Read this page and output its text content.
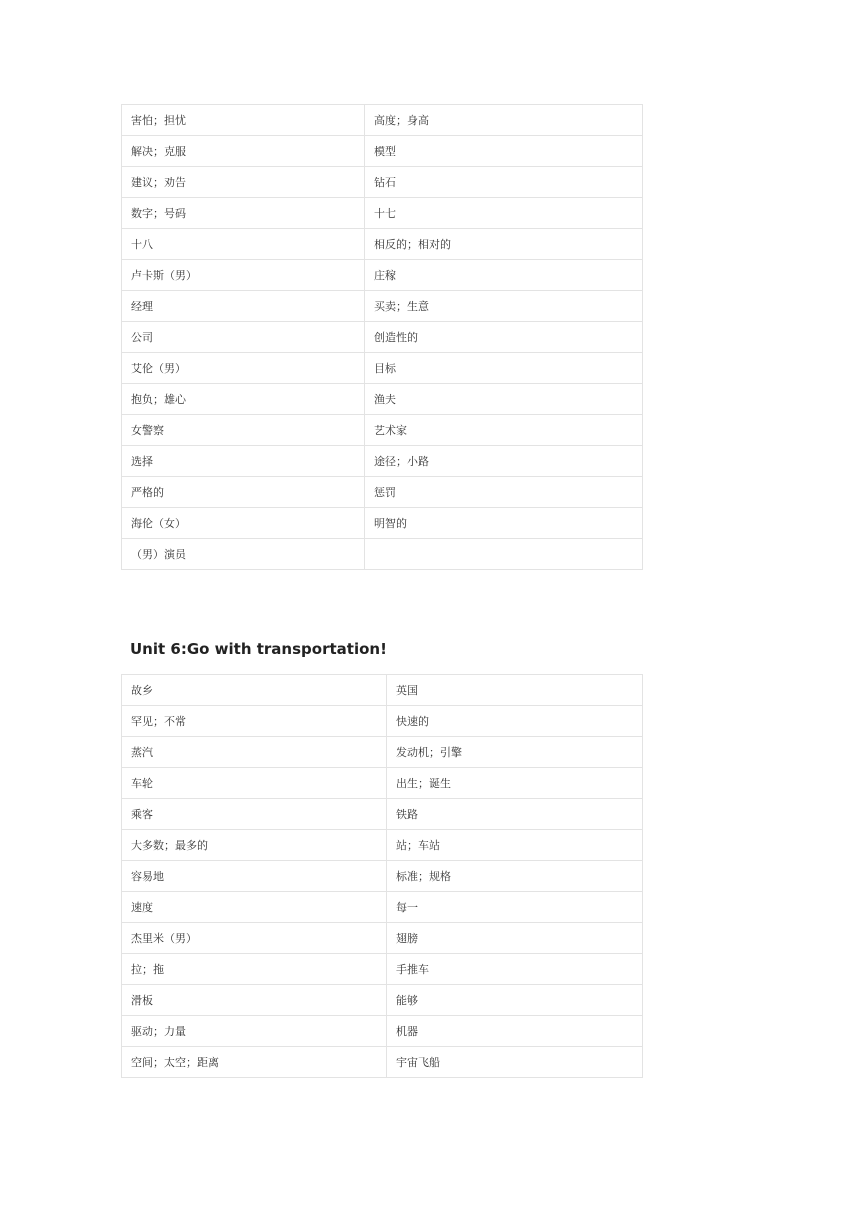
害怕；担忧	高度；身高
解决；克服	模型
建议；劝告	钻石
数字；号码	十七
十八	相反的；相对的
卢卡斯（男）	庄稼
经理	买卖；生意
公司	创造性的
艾伦（男）	目标
抱负；雄心	渔夫
女警察	艺术家
选择	途径；小路
严格的	惩罚
海伦（女）	明智的
（男）演员	
Unit 6:Go with transportation!
故乡	英国
罕见；不常	快速的
蒸汽	发动机；引擎
车轮	出生；诞生
乘客	铁路
大多数；最多的	站；车站
容易地	标准；规格
速度	每一
杰里米（男）	翅膀
拉；拖	手推车
滑板	能够
驱动；力量	机器
空间；太空；距离	宇宙飞船
